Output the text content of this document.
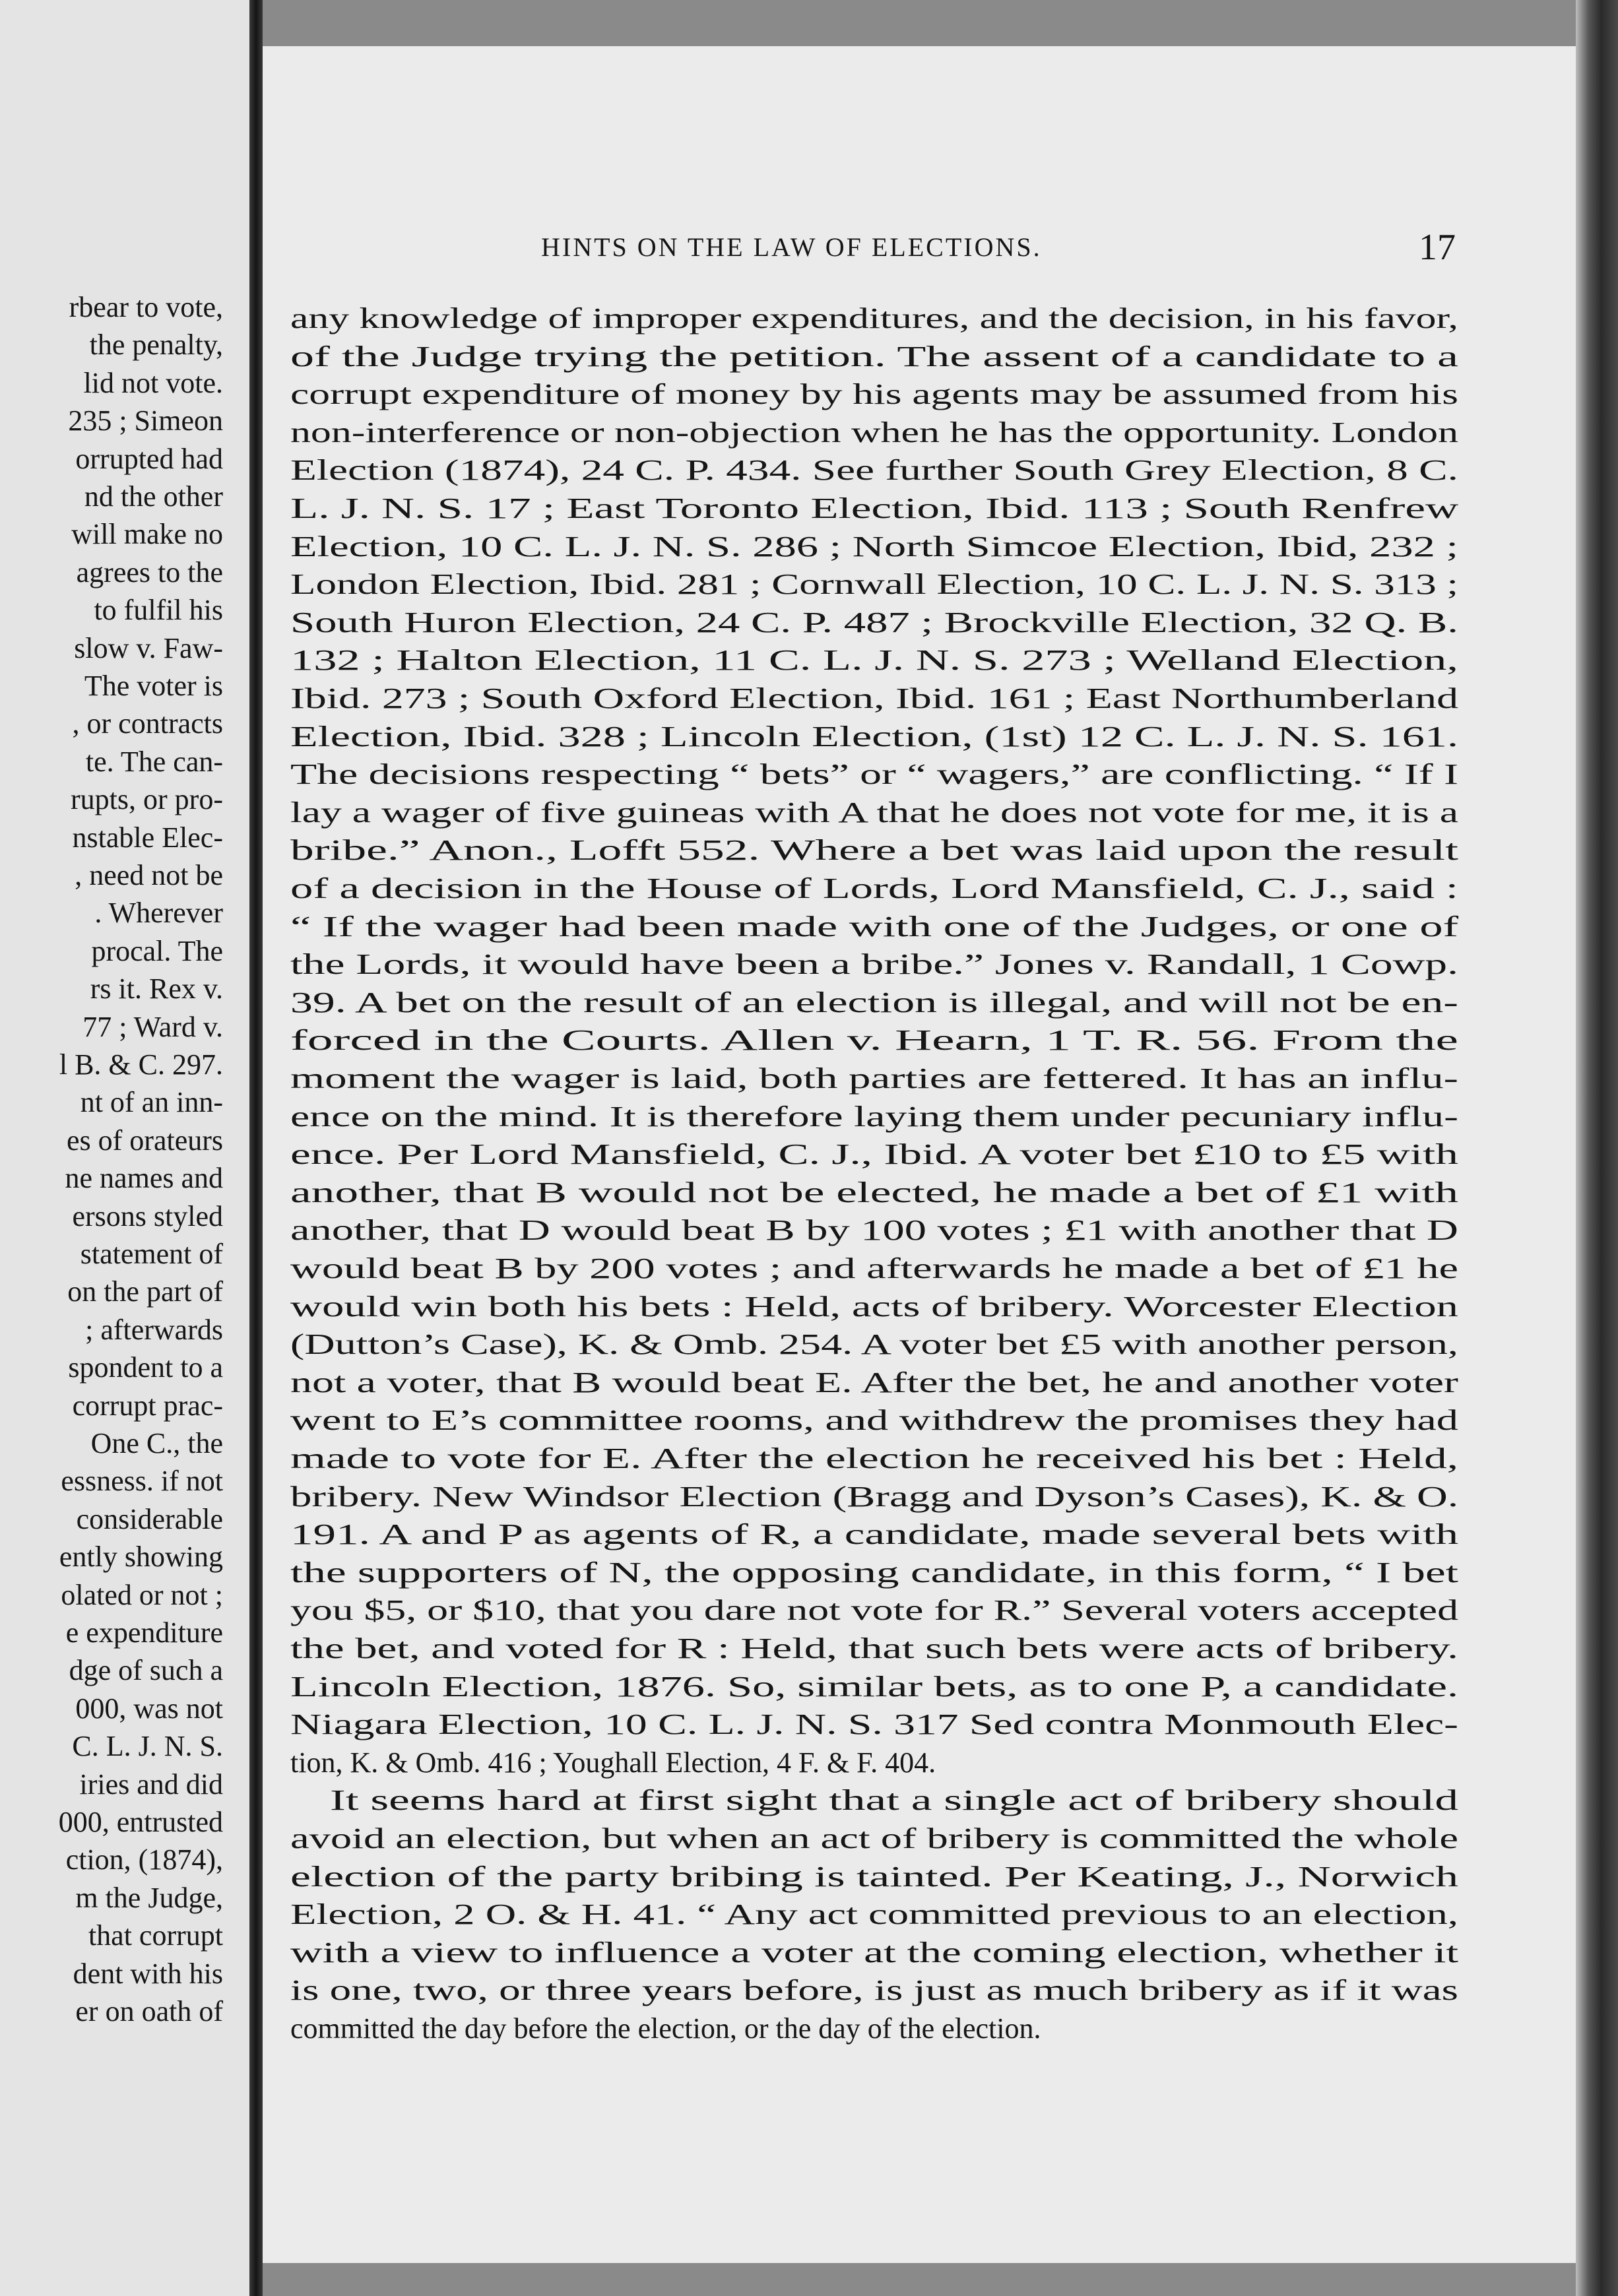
rbear to vote,
the penalty,
lid not vote.
235 ; Simeon
orrupted had
nd the other
will make no
agrees to the
to fulfil his
slow v. Faw-
The voter is
, or contracts
te. The can-
rupts, or pro-
nstable Elec-
, need not be
. Wherever
procal. The
rs it. Rex v.
77 ; Ward v.
l B. & C. 297.
nt of an inn-
es of orateurs
ne names and
ersons styled
statement of
on the part of
; afterwards
spondent to a
corrupt prac-
One C., the
essness. if not
considerable
ently showing
olated or not ;
e expenditure
dge of such a
000, was not
C. L. J. N. S.
iries and did
000, entrusted
ction, (1874),
m the Judge,
that corrupt
dent with his
er on oath of
HINTS ON THE LAW OF ELECTIONS.	17
any knowledge of improper expenditures, and the decision, in his favor,
of the Judge trying the petition. The assent of a candidate to a
corrupt expenditure of money by his agents may be assumed from his
non-interference or non-objection when he has the opportunity. London
Election (1874), 24 C. P. 434. See further South Grey Election, 8 C.
L. J. N. S. 17 ; East Toronto Election, Ibid. 113 ; South Renfrew
Election, 10 C. L. J. N. S. 286 ; North Simcoe Election, Ibid, 232 ;
London Election, Ibid. 281 ; Cornwall Election, 10 C. L. J. N. S. 313 ;
South Huron Election, 24 C. P. 487 ; Brockville Election, 32 Q. B.
132 ; Halton Election, 11 C. L. J. N. S. 273 ; Welland Election,
Ibid. 273 ; South Oxford Election, Ibid. 161 ; East Northumberland
Election, Ibid. 328 ; Lincoln Election, (1st) 12 C. L. J. N. S. 161.
The decisions respecting “ bets” or “ wagers,” are conflicting. “ If I
lay a wager of five guineas with A that he does not vote for me, it is a
bribe.” Anon., Lofft 552. Where a bet was laid upon the result
of a decision in the House of Lords, Lord Mansfield, C. J., said :
“ If the wager had been made with one of the Judges, or one of
the Lords, it would have been a bribe.” Jones v. Randall, 1 Cowp.
39. A bet on the result of an election is illegal, and will not be en-
forced in the Courts. Allen v. Hearn, 1 T. R. 56. From the
moment the wager is laid, both parties are fettered. It has an influ-
ence on the mind. It is therefore laying them under pecuniary influ-
ence. Per Lord Mansfield, C. J., Ibid. A voter bet £10 to £5 with
another, that B would not be elected, he made a bet of £1 with
another, that D would beat B by 100 votes ; £1 with another that D
would beat B by 200 votes ; and afterwards he made a bet of £1 he
would win both his bets : Held, acts of bribery. Worcester Election
(Dutton’s Case), K. & Omb. 254. A voter bet £5 with another person,
not a voter, that B would beat E. After the bet, he and another voter
went to E’s committee rooms, and withdrew the promises they had
made to vote for E. After the election he received his bet : Held,
bribery. New Windsor Election (Bragg and Dyson’s Cases), K. & O.
191. A and P as agents of R, a candidate, made several bets with
the supporters of N, the opposing candidate, in this form, “ I bet
you $5, or $10, that you dare not vote for R.” Several voters accepted
the bet, and voted for R : Held, that such bets were acts of bribery.
Lincoln Election, 1876. So, similar bets, as to one P, a candidate.
Niagara Election, 10 C. L. J. N. S. 317 Sed contra Monmouth Elec-
tion, K. & Omb. 416 ; Youghall Election, 4 F. & F. 404.
It seems hard at first sight that a single act of bribery should
avoid an election, but when an act of bribery is committed the whole
election of the party bribing is tainted. Per Keating, J., Norwich
Election, 2 O. & H. 41. “ Any act committed previous to an election,
with a view to influence a voter at the coming election, whether it
is one, two, or three years before, is just as much bribery as if it was
committed the day before the election, or the day of the election.
